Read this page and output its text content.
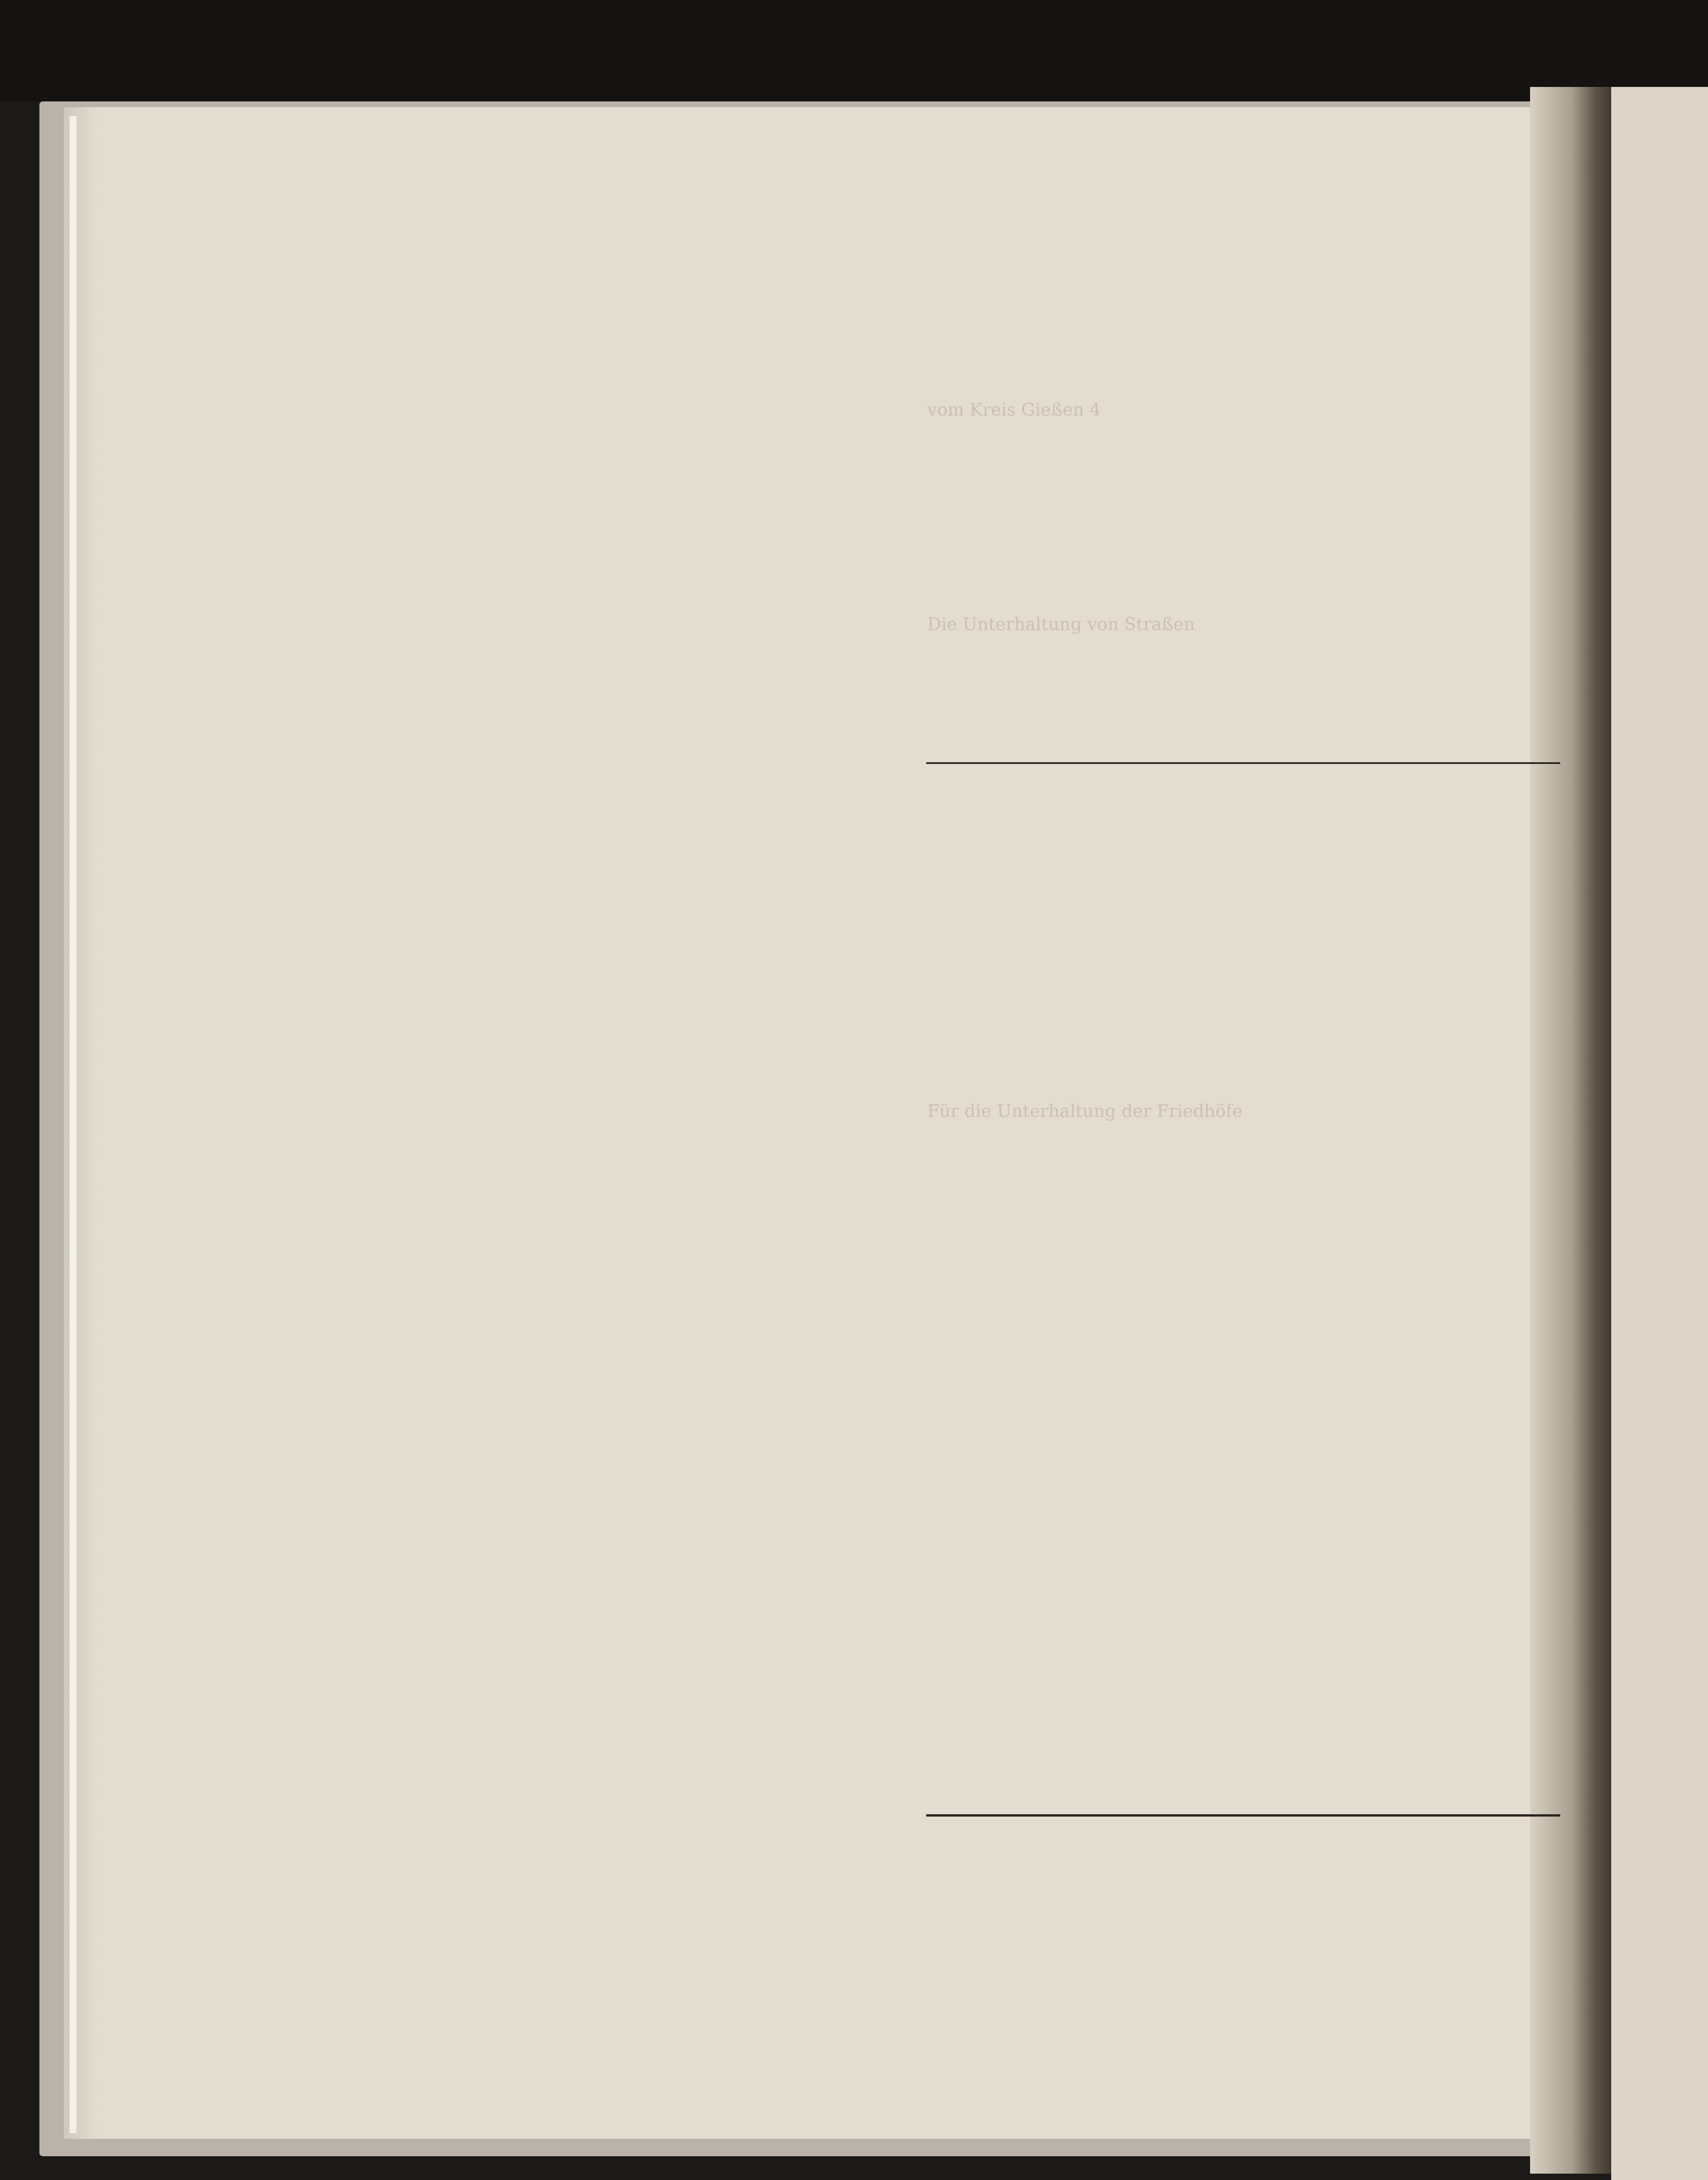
vom Kreis Gießen 4
Die Unterhaltung von Straßen
Für die Unterhaltung der Friedhöfe
